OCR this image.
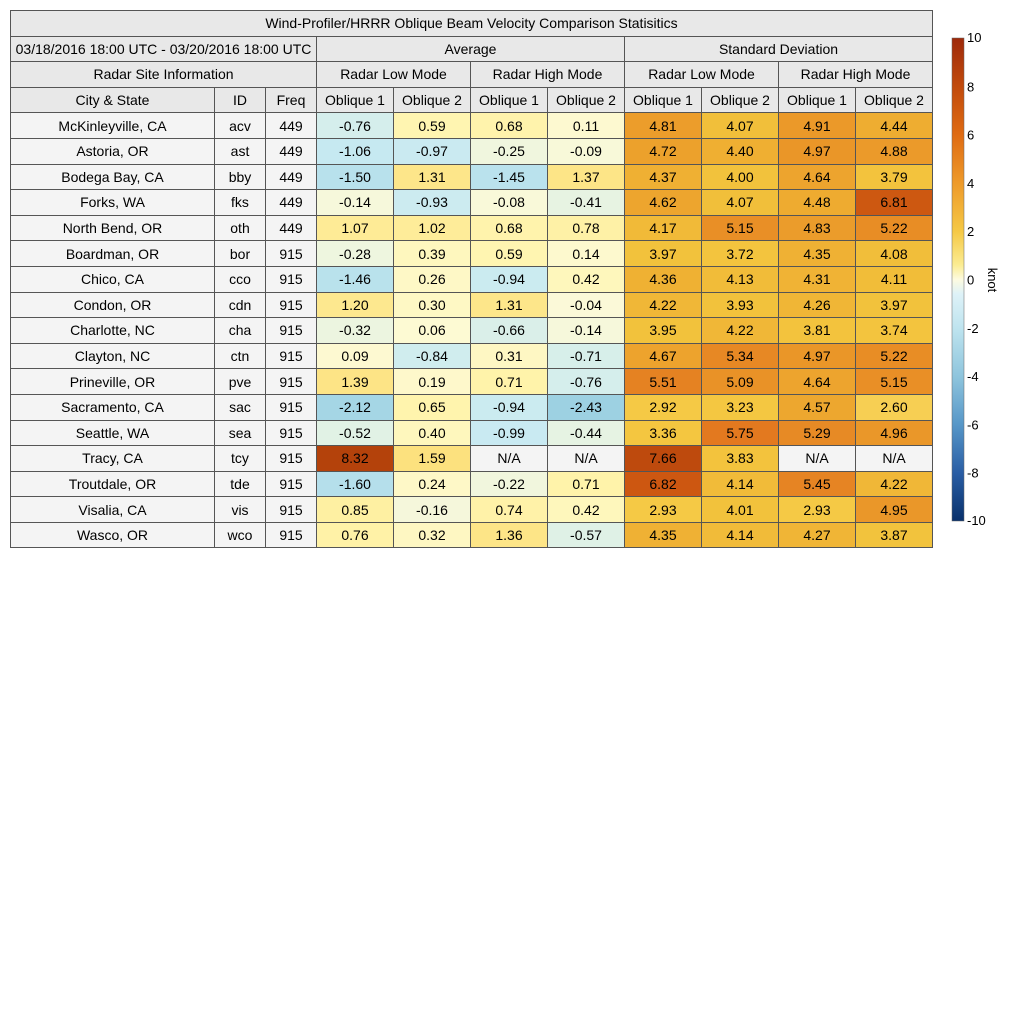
Wind-Profiler/HRRR Oblique Beam Velocity Comparison Statisitics										
03/18/2016 18:00 UTC - 03/20/2016 18:00 UTC			Average				Standard Deviation			
Radar Site Information			Radar Low Mode		Radar High Mode		Radar Low Mode		Radar High Mode	
City & State	ID	Freq	Oblique 1	Oblique 2	Oblique 1	Oblique 2	Oblique 1	Oblique 2	Oblique 1	Oblique 2
McKinleyville, CA	acv	449	-0.76	0.59	0.68	0.11	4.81	4.07	4.91	4.44
Astoria, OR	ast	449	-1.06	-0.97	-0.25	-0.09	4.72	4.40	4.97	4.88
Bodega Bay, CA	bby	449	-1.50	1.31	-1.45	1.37	4.37	4.00	4.64	3.79
Forks, WA	fks	449	-0.14	-0.93	-0.08	-0.41	4.62	4.07	4.48	6.81
North Bend, OR	oth	449	1.07	1.02	0.68	0.78	4.17	5.15	4.83	5.22
Boardman, OR	bor	915	-0.28	0.39	0.59	0.14	3.97	3.72	4.35	4.08
Chico, CA	cco	915	-1.46	0.26	-0.94	0.42	4.36	4.13	4.31	4.11
Condon, OR	cdn	915	1.20	0.30	1.31	-0.04	4.22	3.93	4.26	3.97
Charlotte, NC	cha	915	-0.32	0.06	-0.66	-0.14	3.95	4.22	3.81	3.74
Clayton, NC	ctn	915	0.09	-0.84	0.31	-0.71	4.67	5.34	4.97	5.22
Prineville, OR	pve	915	1.39	0.19	0.71	-0.76	5.51	5.09	4.64	5.15
Sacramento, CA	sac	915	-2.12	0.65	-0.94	-2.43	2.92	3.23	4.57	2.60
Seattle, WA	sea	915	-0.52	0.40	-0.99	-0.44	3.36	5.75	5.29	4.96
Tracy, CA	tcy	915	8.32	1.59	N/A	N/A	7.66	3.83	N/A	N/A
Troutdale, OR	tde	915	-1.60	0.24	-0.22	0.71	6.82	4.14	5.45	4.22
Visalia, CA	vis	915	0.85	-0.16	0.74	0.42	2.93	4.01	2.93	4.95
Wasco, OR	wco	915	0.76	0.32	1.36	-0.57	4.35	4.14	4.27	3.87
10
8
6
4
2
0
-2
-4
-6
-8
-10
knot
